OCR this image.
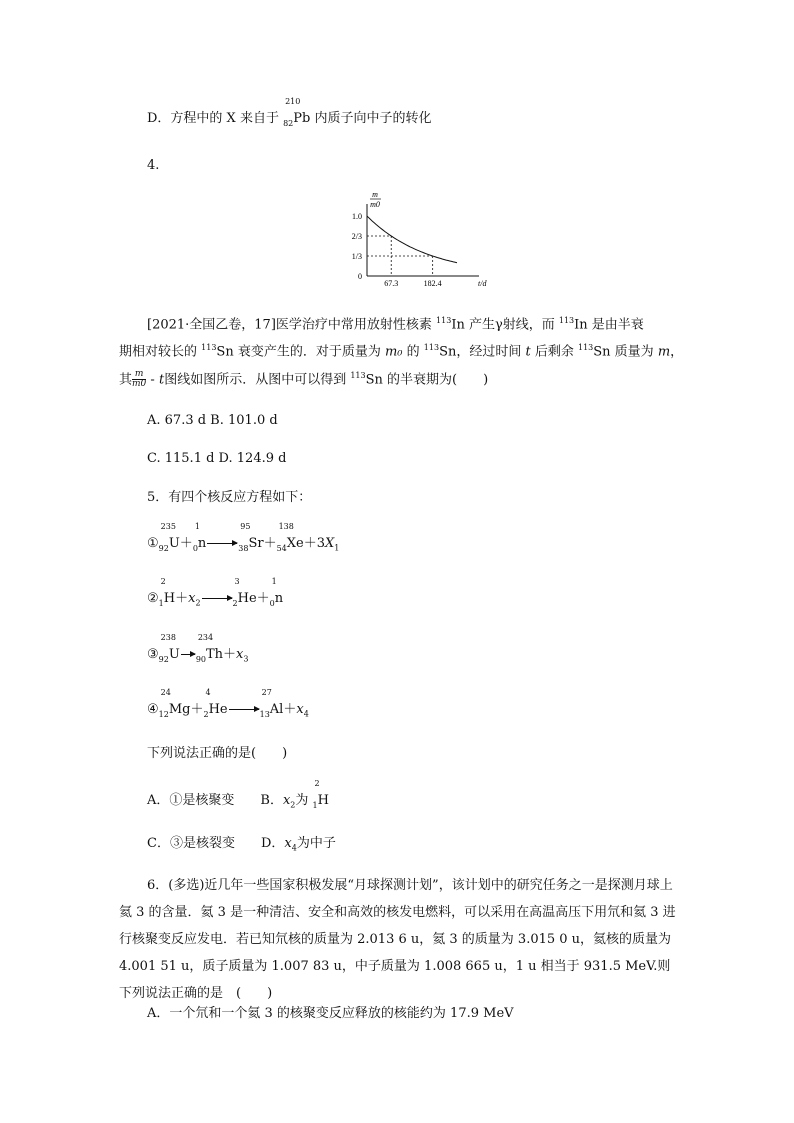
D．方程中的 X 来自于
210
$_{82}$Pb 内质子向中子的转化
4.
m
m0
t/d
1.0
2/3
1/3
0
67.3	182.4
[2021·全国乙卷，17]医学治疗中常用放射性核素 $^{113}$In 产生γ射线，而 $^{113}$In 是由半衰
期相对较长的 $^{113}$Sn 衰变产生的．对于质量为 m₀ 的 $^{113}$Sn，经过时间 t 后剩余 $^{113}$Sn 质量为 m，
其 $\frac{m}{m0}$ - t图线如图所示．从图中可以得到 $^{113}$Sn 的半衰期为(　　)
A. 67.3 d B. 101.0 d
C. 115.1 d D. 124.9 d
5．有四个核反应方程如下：
①
235
$_{92}$U＋
1
$_0$n
95
$_{38}$Sr＋
138
$_{54}Xe+3X_1$
②
2
$_1H+x_2$
3
$_2$He＋
1
$_0$n
③
238
$_{92}$U
234
$_{90}Th+x_3$
④
24
$_{12}$Mg＋
4
$_2$He
27
$_{13}Al+x_4$
下列说法正确的是(　　)
A．①是核聚变　　B．$x_2$为
2
$_1$H
C．③是核裂变　　D．$x_4$为中子
6．(多选)近几年一些国家积极发展“月球探测计划”，该计划中的研究任务之一是探测月球上氦 3 的含量．氦 3 是一种清洁、安全和高效的核发电燃料，可以采用在高温高压下用氘和氦 3 进行核聚变反应发电．若已知氘核的质量为 2.013 6 u，氦 3 的质量为 3.015 0 u，氦核的质量为 4.001 51 u，质子质量为 1.007 83 u，中子质量为 1.008 665 u，1 u 相当于 931.5 MeV.则下列说法正确的是　(　　)
A．一个氘和一个氦 3 的核聚变反应释放的核能约为 17.9 MeV
